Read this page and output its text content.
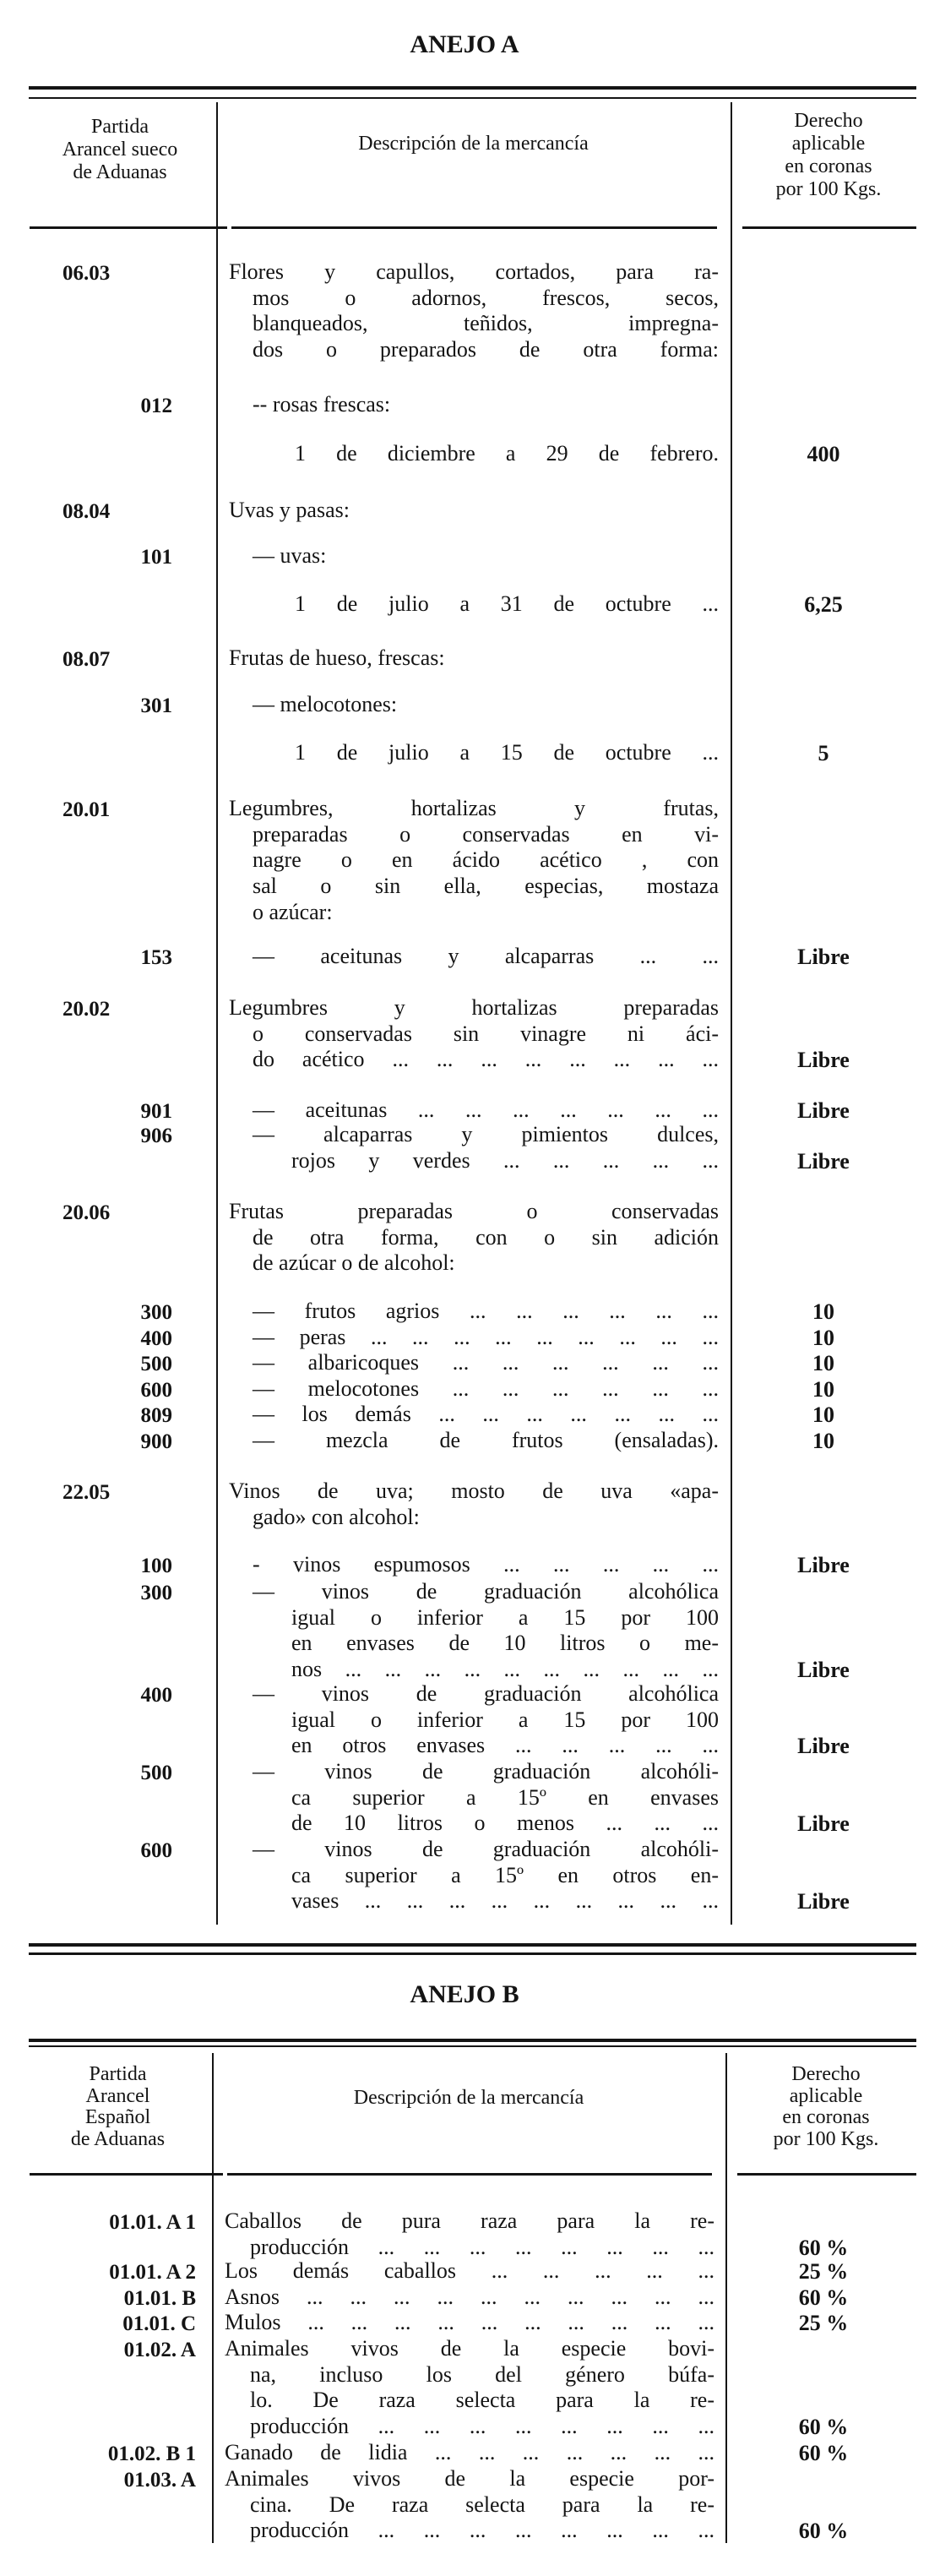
ANEJO A
Partida
Arancel sueco
de Aduanas
Descripción de la mercancía
Derecho
aplicable
en coronas
por 100 Kgs.
06.03	Flores y capullos, cortados, para ra-
mos o adornos, frescos, secos,
blanqueados, teñidos, impregna-
dos o preparados de otra forma:
012	-- rosas frescas:
1 de diciembre a 29 de febrero.	400
08.04	Uvas y pasas:
101	— uvas:
1 de julio a 31 de octubre ...	6,25
08.07	Frutas de hueso, frescas:
301	— melocotones:
1 de julio a 15 de octubre ...	5
20.01	Legumbres, hortalizas y frutas,
preparadas o conservadas en vi-
nagre o en ácido acético , con
sal o sin ella, especias, mostaza
o azúcar:
153	— aceitunas y alcaparras ... ...	Libre
20.02	Legumbres y hortalizas preparadas
o conservadas sin vinagre ni áci-
do acético ... ... ... ... ... ... ... ...	Libre
901	— aceitunas ... ... ... ... ... ... ...	Libre
906	— alcaparras y pimientos dulces,
rojos y verdes ... ... ... ... ...	Libre
20.06	Frutas preparadas o conservadas
de otra forma, con o sin adición
de azúcar o de alcohol:
300	— frutos agrios ... ... ... ... ... ...	10
400	— peras ... ... ... ... ... ... ... ... ...	10
500	— albaricoques ... ... ... ... ... ...	10
600	— melocotones ... ... ... ... ... ...	10
809	— los demás ... ... ... ... ... ... ...	10
900	— mezcla de frutos (ensaladas).	10
22.05	Vinos de uva; mosto de uva «apa-
gado» con alcohol:
100	- vinos espumosos ... ... ... ... ...	Libre
300	— vinos de graduación alcohólica
igual o inferior a 15 por 100
en envases de 10 litros o me-
nos ... ... ... ... ... ... ... ... ... ...	Libre
400	— vinos de graduación alcohólica
igual o inferior a 15 por 100
en otros envases ... ... ... ... ...	Libre
500	— vinos de graduación alcohóli-
ca superior a 15º en envases
de 10 litros o menos ... ... ...	Libre
600	— vinos de graduación alcohóli-
ca superior a 15º en otros en-
vases ... ... ... ... ... ... ... ... ...	Libre
ANEJO B
Partida
Arancel
Español
de Aduanas
Descripción de la mercancía
Derecho
aplicable
en coronas
por 100 Kgs.
01.01. A 1 Caballos de pura raza para la re-
producción ... ... ... ... ... ... ... ...	60 %
01.01. A 2 Los demás caballos ... ... ... ... ...	25 %
01.01. B Asnos ... ... ... ... ... ... ... ... ... ...	60 %
01.01. C Mulos ... ... ... ... ... ... ... ... ... ...	25 %
01.02. A Animales vivos de la especie bovi-
na, incluso los del género búfa-
lo. De raza selecta para la re-
producción ... ... ... ... ... ... ... ...	60 %
01.02. B 1 Ganado de lidia ... ... ... ... ... ... ...	60 %
01.03. A Animales vivos de la especie por-
cina. De raza selecta para la re-
producción ... ... ... ... ... ... ... ...	60 %
